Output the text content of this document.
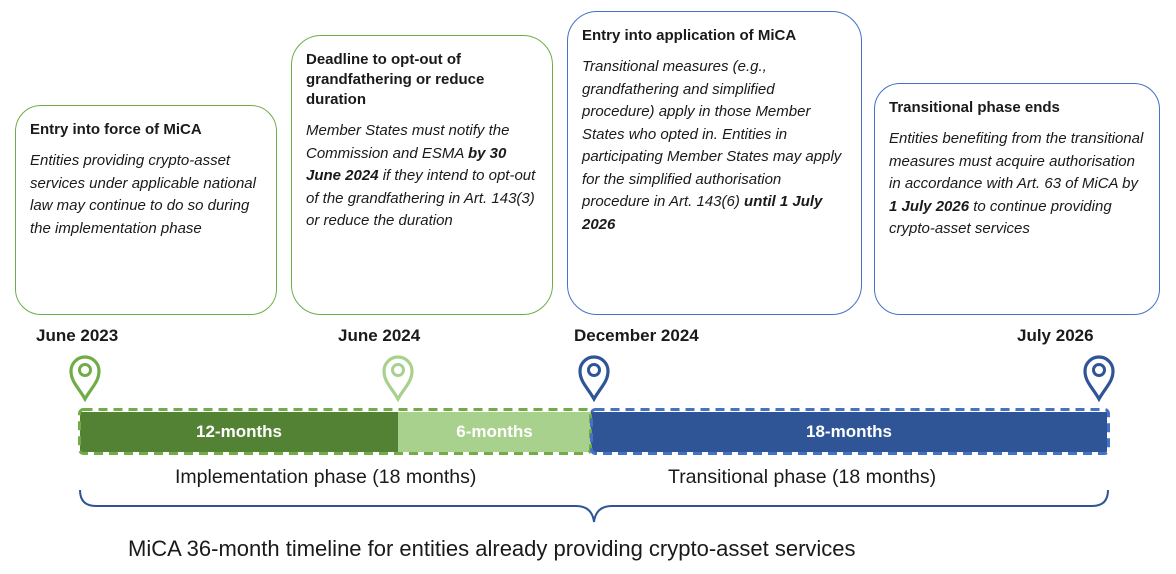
Entry into force of MiCA
Entities providing crypto-asset services under applicable national law may continue to do so during the implementation phase
Deadline to opt-out of grandfathering or reduce duration
Member States must notify the Commission and ESMA by 30 June 2024 if they intend to opt-out of the grandfathering in Art. 143(3) or reduce the duration
Entry into application of MiCA
Transitional measures (e.g., grandfathering and simplified procedure) apply in those Member States who opted in. Entities in participating Member States may apply for the simplified authorisation procedure in Art. 143(6) until 1 July 2026
Transitional phase ends
Entities benefiting from the transitional measures must acquire authorisation in accordance with Art. 63 of MiCA by 1 July 2026 to continue providing crypto-asset services
June 2023	June 2024	December 2024	July 2026
12-months	6-months	18-months
Implementation phase (18 months)	Transitional phase (18 months)
MiCA 36-month timeline for entities already providing crypto-asset services
